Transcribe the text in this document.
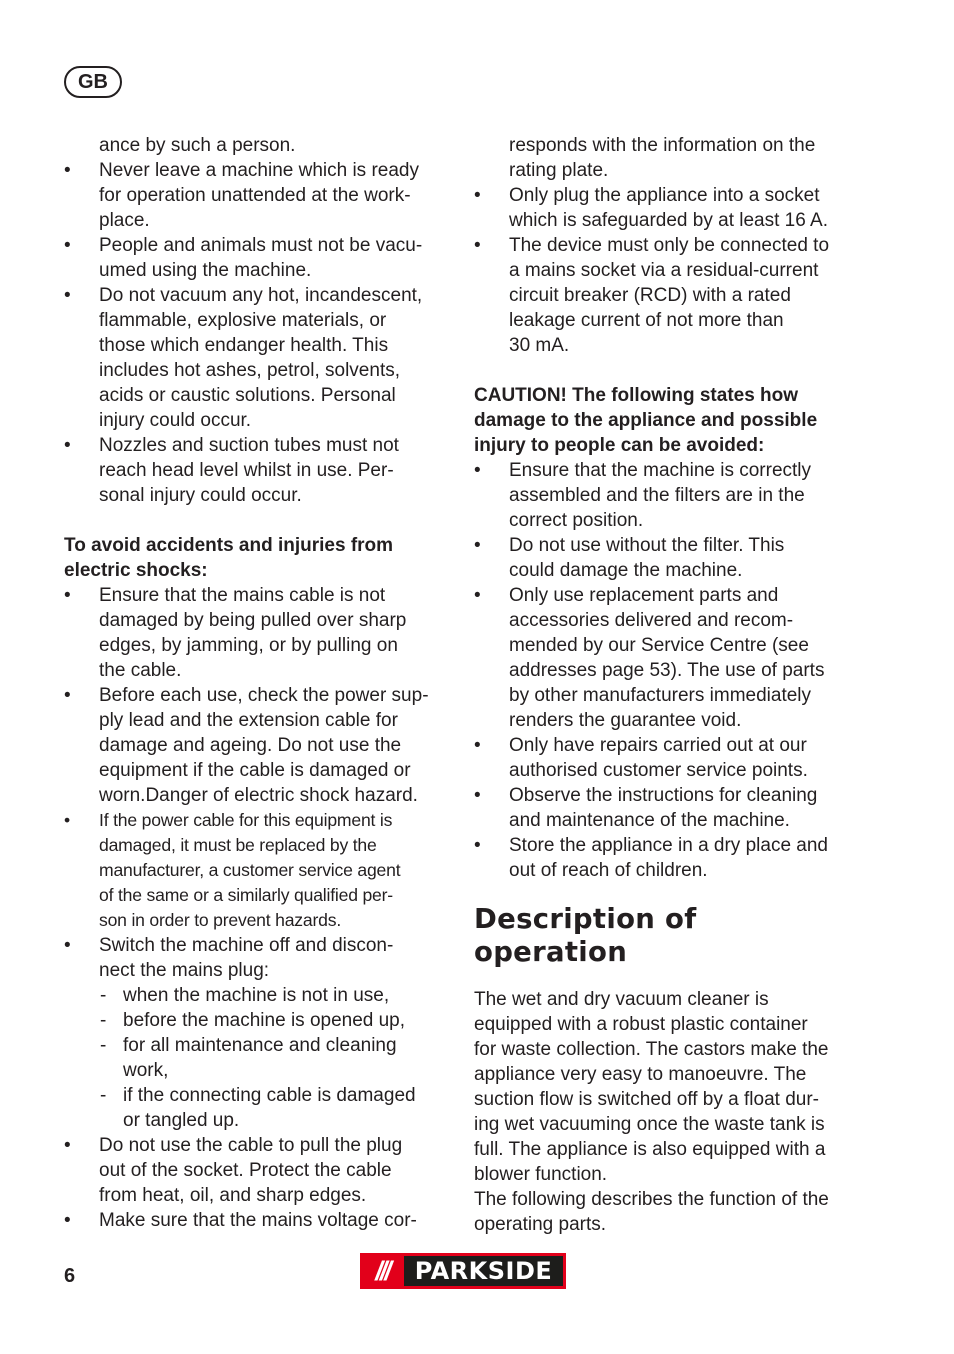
GB
ance by such a person.
• Never leave a machine which is ready
for operation unattended at the work-
place.
• People and animals must not be vacu-
umed using the machine.
• Do not vacuum any hot, incandescent,
flammable, explosive materials, or
those which endanger health. This
includes hot ashes, petrol, solvents,
acids or caustic solutions. Personal
injury could occur.
• Nozzles and suction tubes must not
reach head level whilst in use. Per-
sonal injury could occur.
To avoid accidents and injuries from
electric shocks:
• Ensure that the mains cable is not
damaged by being pulled over sharp
edges, by jamming, or by pulling on
the cable.
• Before each use, check the power sup-
ply lead and the extension cable for
damage and ageing. Do not use the
equipment if the cable is damaged or
worn.Danger of electric shock hazard.
• If the power cable for this equipment is
damaged, it must be replaced by the
manufacturer, a customer service agent
of the same or a similarly qualified per-
son in order to prevent hazards.
• Switch the machine off and discon-
nect the mains plug:
- when the machine is not in use,
- before the machine is opened up,
- for all maintenance and cleaning
work,
- if the connecting cable is damaged
or tangled up.
• Do not use the cable to pull the plug
out of the socket. Protect the cable
from heat, oil, and sharp edges.
• Make sure that the mains voltage cor-
responds with the information on the
rating plate.
• Only plug the appliance into a socket
which is safeguarded by at least 16 A.
• The device must only be connected to
a mains socket via a residual-current
circuit breaker (RCD) with a rated
leakage current of not more than
30 mA.
CAUTION! The following states how
damage to the appliance and possible
injury to people can be avoided:
• Ensure that the machine is correctly
assembled and the filters are in the
correct position.
• Do not use without the filter. This
could damage the machine.
• Only use replacement parts and
accessories delivered and recom-
mended by our Service Centre (see
addresses page 53). The use of parts
by other manufacturers immediately
renders the guarantee void.
• Only have repairs carried out at our
authorised customer service points.
• Observe the instructions for cleaning
and maintenance of the machine.
• Store the appliance in a dry place and
out of reach of children.
Description of
operation
The wet and dry vacuum cleaner is
equipped with a robust plastic container
for waste collection. The castors make the
appliance very easy to manoeuvre. The
suction flow is switched off by a float dur-
ing wet vacuuming once the waste tank is
full. The appliance is also equipped with a
blower function.
The following describes the function of the
operating parts.
6	///	PARKSIDE
